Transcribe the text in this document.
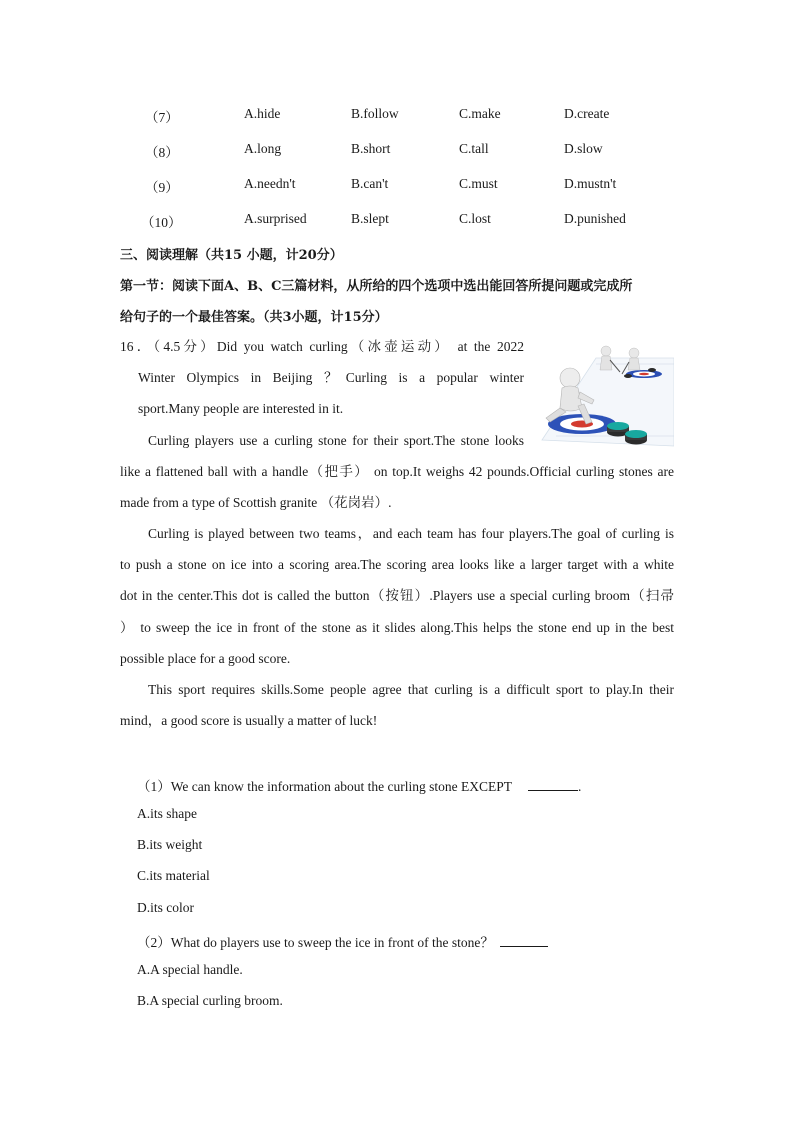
（7）	A.hide	B.follow	C.make	D.create
（8）	A.long	B.short	C.tall	D.slow
（9）	A.needn't	B.can't	C.must	D.mustn't
（10）	A.surprised	B.slept	C.lost	D.punished
三、阅读理解（共15 小题，计20分）
第一节：阅读下面A、B、C三篇材料，从所给的四个选项中选出能回答所提问题或完成所
给句子的一个最佳答案。（共3小题，计15分）
16．（4.5分）Did you watch curling（冰壶运动） at the 2022
Winter Olympics in Beijing ？Curling is a popular winter
sport.Many people are interested in it.
Curling players use a curling stone for their sport.The stone looks
like a flattened ball with a handle（把手） on top.It weighs 42 pounds.Official curling stones are
made from a type of Scottish granite （花岗岩）.
Curling is played between two teams，and each team has four players.The goal of curling is
to push a stone on ice into a scoring area.The scoring area looks like a larger target with a white
dot in the center.This dot is called the button（按钮）.Players use a special curling broom（扫帚
） to sweep the ice in front of the stone as it slides along.This helps the stone end up in the best
possible place for a good score.
This sport requires skills.Some people agree that curling is a difficult sport to play.In their
mind，a good score is usually a matter of luck!
（1）We can know the information about the curling stone EXCEPT	.
A.its shape
B.its weight
C.its material
D.its color
（2）What do players use to sweep the ice in front of the stone？
A.A special handle.
B.A special curling broom.
